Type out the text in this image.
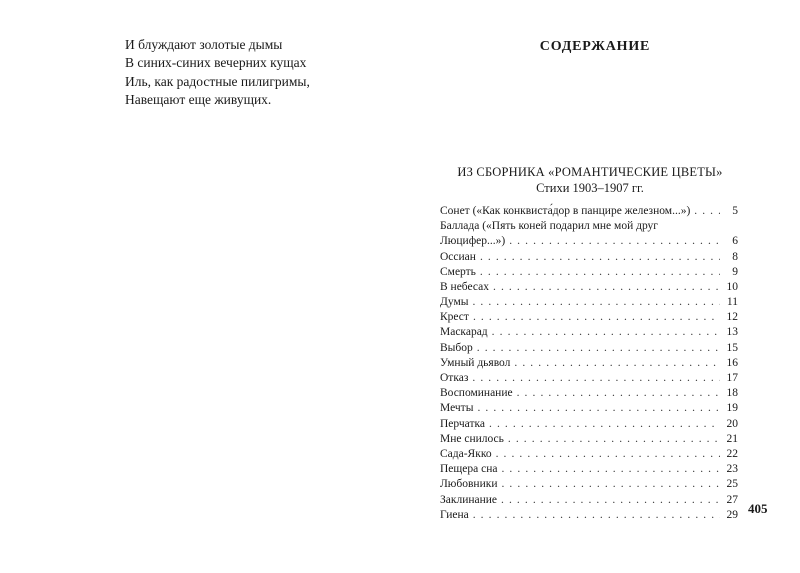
И блуждают золотые дымы
В синих-синих вечерних кущах
Иль, как радостные пилигримы,
Навещают еще живущих.
СОДЕРЖАНИЕ
ИЗ СБОРНИКА «РОМАНТИЧЕСКИЕ ЦВЕТЫ»
Стихи 1903–1907 гг.
Сонет («Как конквиста́дор в панцире железном...») . . .	5
Баллада («Пять коней подарил мне мой друг
Люцифер...») . . .	6
Оссиан . . .	8
Смерть . . .	9
В небесах . . .	10
Думы . . .	11
Крест . . .	12
Маскарад . . .	13
Выбор . . .	15
Умный дьявол . . .	16
Отказ . . .	17
Воспоминание . . .	18
Мечты . . .	19
Перчатка . . .	20
Мне снилось . . .	21
Сада-Якко . . .	22
Пещера сна . . .	23
Любовники . . .	25
Заклинание . . .	27
Гиена . . .	29 405
